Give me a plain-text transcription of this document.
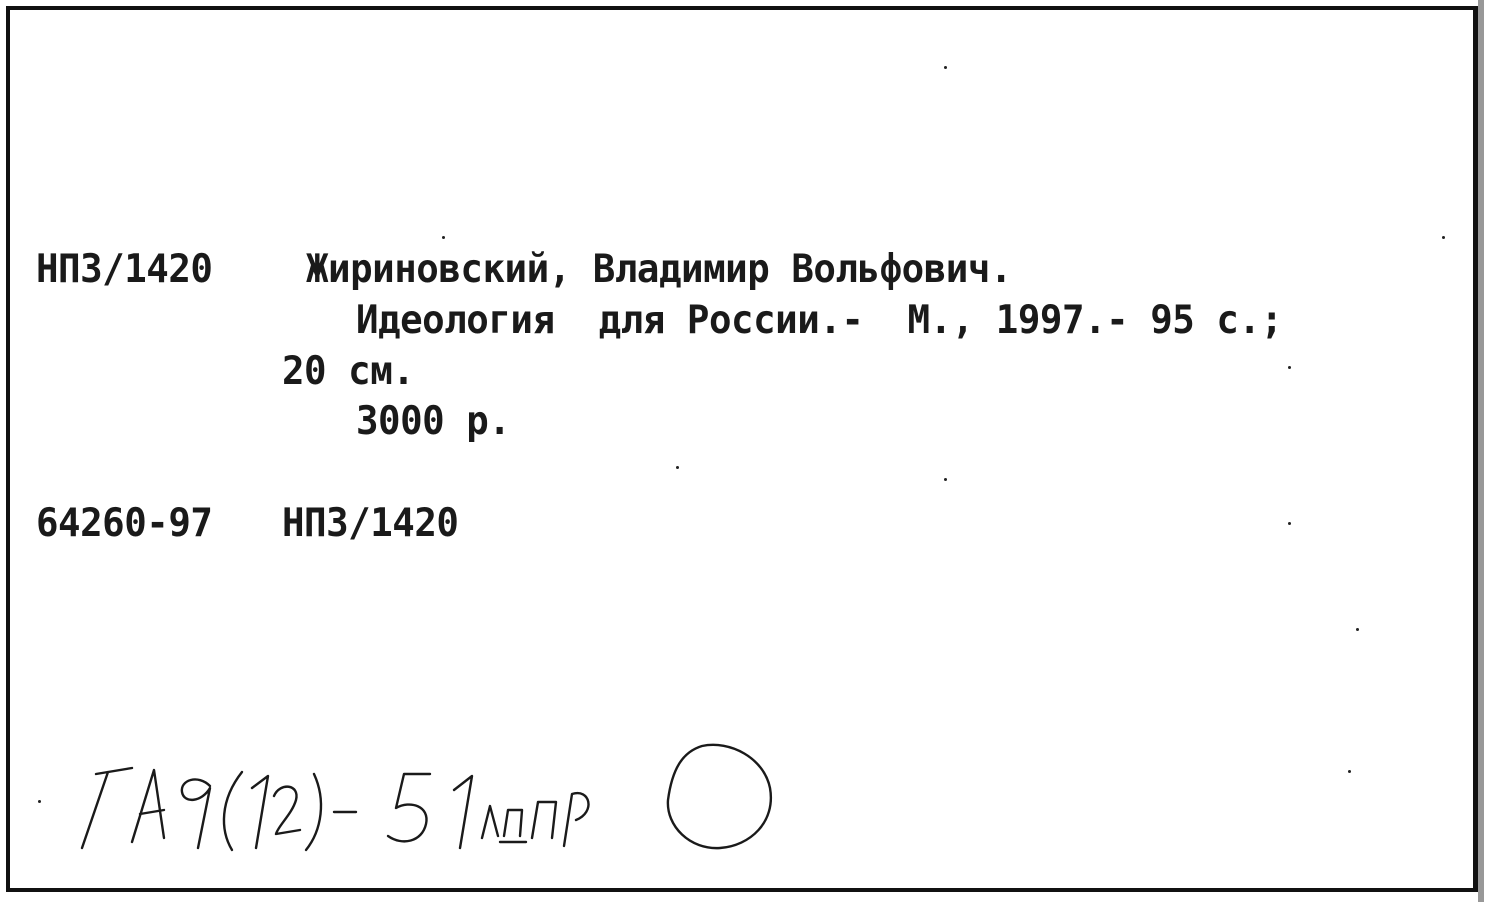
НПЗ/1420 Жириновский, Владимир Вольфович.
Идеология  для России.-  М., 1997.- 95 с.;
20 см.
3000 р.
64260-97 НПЗ/1420
